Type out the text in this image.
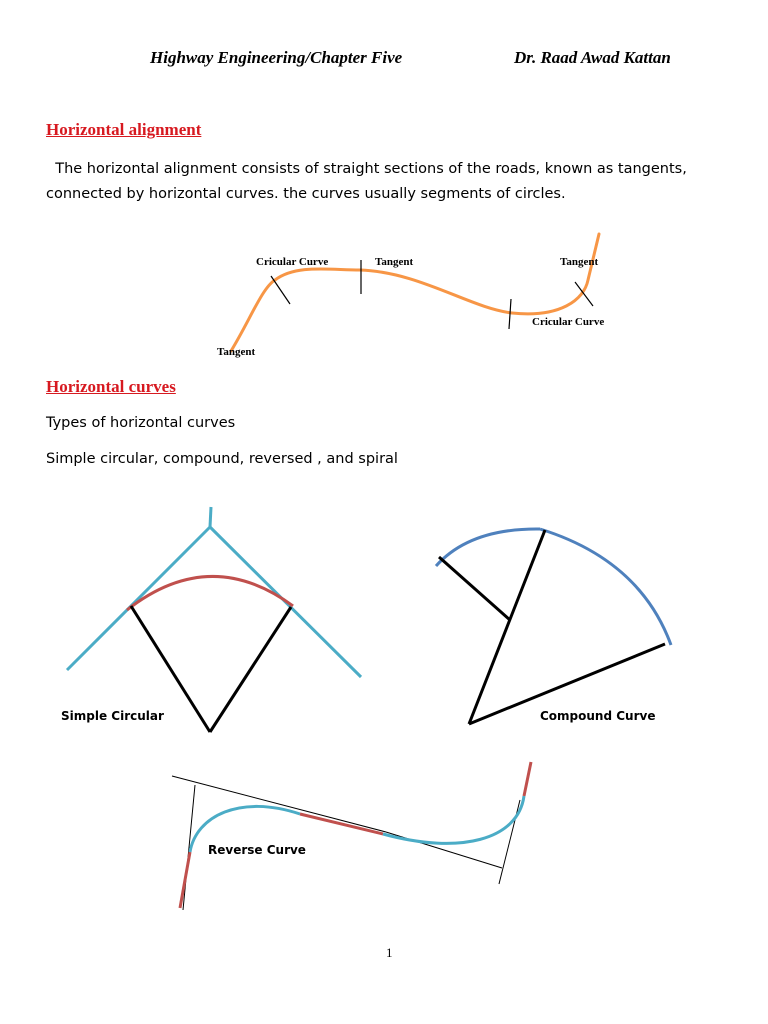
Highway Engineering/Chapter Five	Dr. Raad Awad Kattan
Horizontal alignment
The horizontal alignment consists of straight sections of the roads, known as tangents,
connected by horizontal curves. the curves usually segments of circles.
Cricular Curve	Tangent	Tangent
Cricular Curve
Tangent
Horizontal curves
Types of horizontal curves
Simple circular, compound, reversed , and spiral
Simple Circular	Compound Curve
Reverse Curve
1
